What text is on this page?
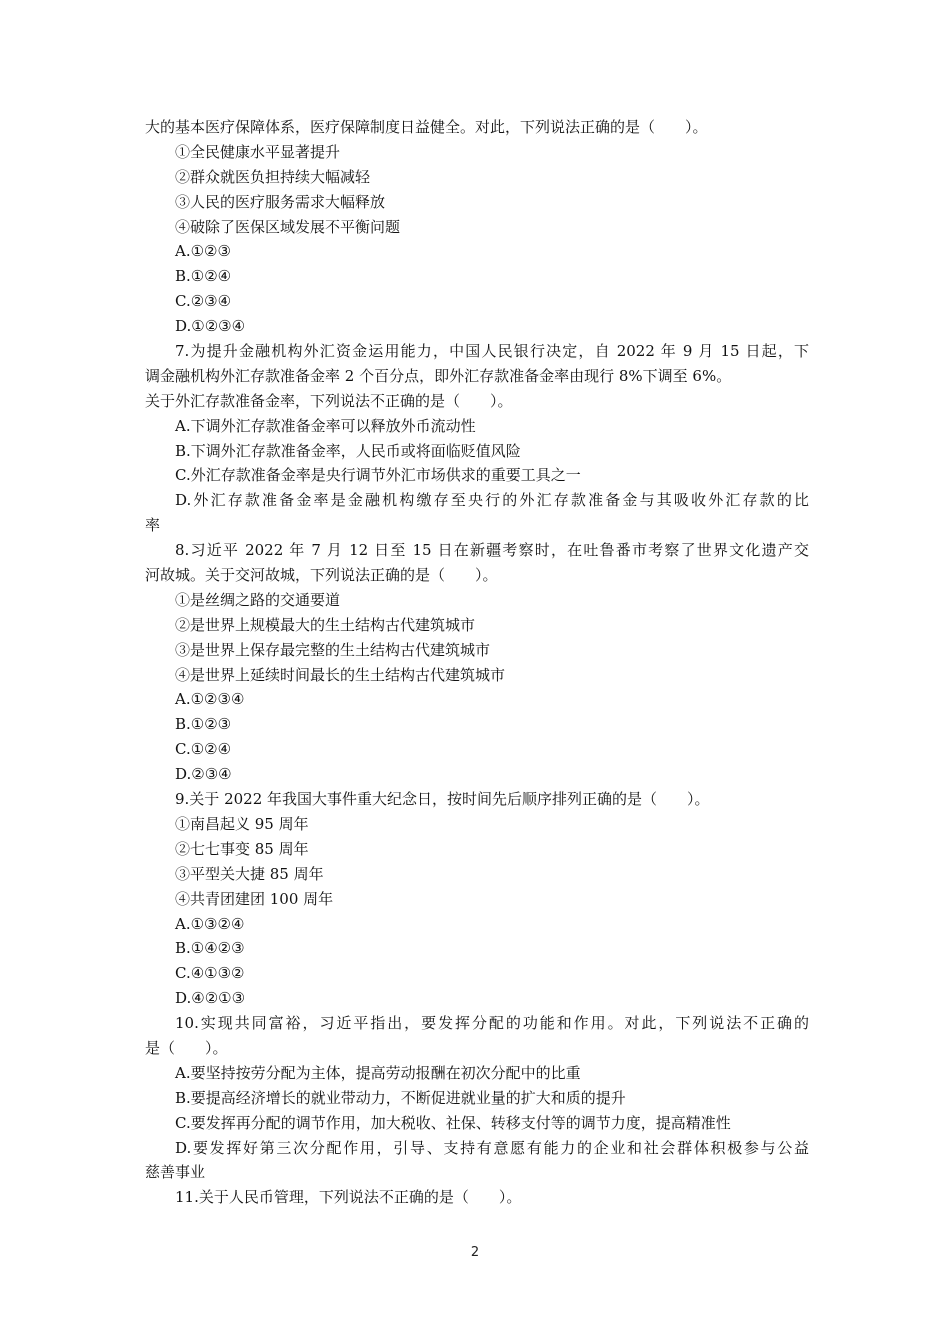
大的基本医疗保障体系，医疗保障制度日益健全。对此，下列说法正确的是（　　）。
①全民健康水平显著提升
②群众就医负担持续大幅减轻
③人民的医疗服务需求大幅释放
④破除了医保区域发展不平衡问题
A.①②③
B.①②④
C.②③④
D.①②③④
7.为提升金融机构外汇资金运用能力，中国人民银行决定，自 2022 年 9 月 15 日起，下
调金融机构外汇存款准备金率 2 个百分点，即外汇存款准备金率由现行 8%下调至 6%。
关于外汇存款准备金率，下列说法不正确的是（　　）。
A.下调外汇存款准备金率可以释放外币流动性
B.下调外汇存款准备金率，人民币或将面临贬值风险
C.外汇存款准备金率是央行调节外汇市场供求的重要工具之一
D.外汇存款准备金率是金融机构缴存至央行的外汇存款准备金与其吸收外汇存款的比
率
8.习近平 2022 年 7 月 12 日至 15 日在新疆考察时，在吐鲁番市考察了世界文化遗产交
河故城。关于交河故城，下列说法正确的是（　　）。
①是丝绸之路的交通要道
②是世界上规模最大的生土结构古代建筑城市
③是世界上保存最完整的生土结构古代建筑城市
④是世界上延续时间最长的生土结构古代建筑城市
A.①②③④
B.①②③
C.①②④
D.②③④
9.关于 2022 年我国大事件重大纪念日，按时间先后顺序排列正确的是（　　）。
①南昌起义 95 周年
②七七事变 85 周年
③平型关大捷 85 周年
④共青团建团 100 周年
A.①③②④
B.①④②③
C.④①③②
D.④②①③
10.实现共同富裕，习近平指出，要发挥分配的功能和作用。对此，下列说法不正确的
是（　　）。
A.要坚持按劳分配为主体，提高劳动报酬在初次分配中的比重
B.要提高经济增长的就业带动力，不断促进就业量的扩大和质的提升
C.要发挥再分配的调节作用，加大税收、社保、转移支付等的调节力度，提高精准性
D.要发挥好第三次分配作用，引导、支持有意愿有能力的企业和社会群体积极参与公益
慈善事业
11.关于人民币管理，下列说法不正确的是（　　）。
2
